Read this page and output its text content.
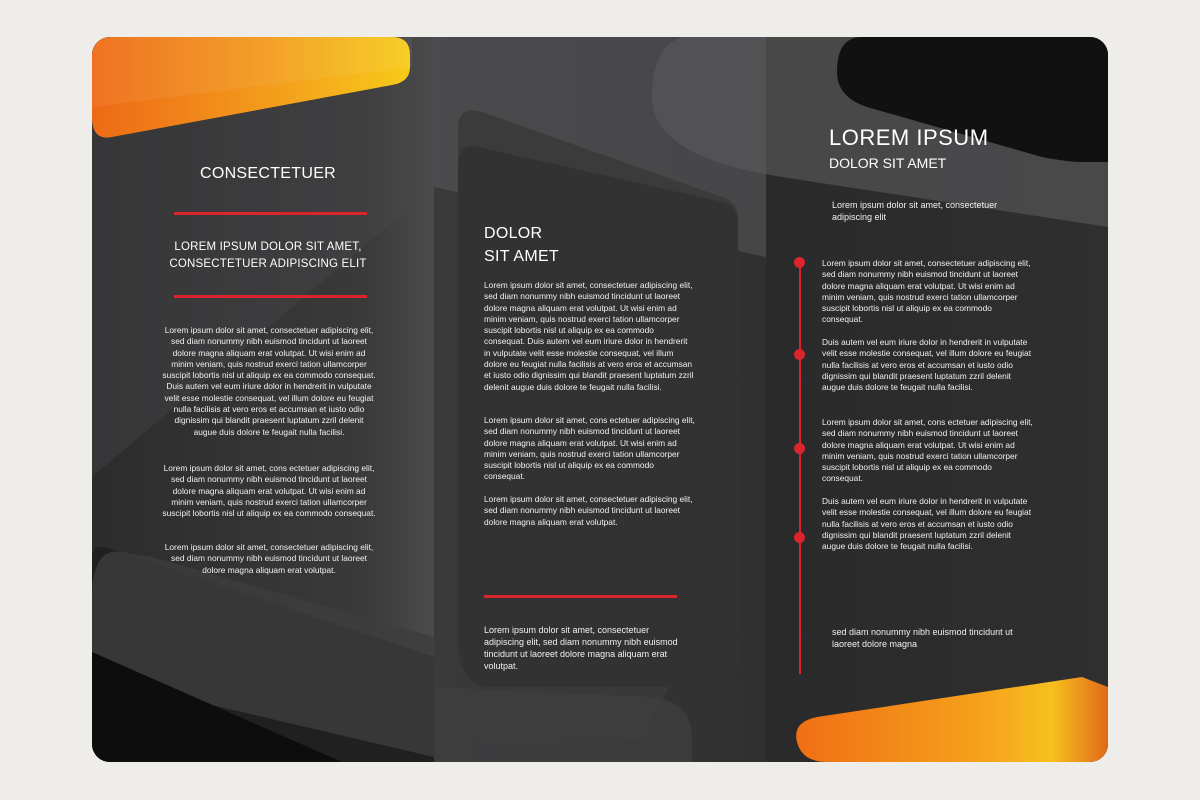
CONSECTETUER

LOREM IPSUM DOLOR SIT AMET,

CONSECTETUER ADIPISCING ELIT

Lorem ipsum dolor sit amet, consectetuer adipiscing elit, sed diam nonummy nibh euismod tincidunt ut laoreet dolore magna aliquam erat volutpat. Ut wisi enim ad minim veniam, quis nostrud exerci tation ullamcorper suscipit lobortis nisl ut aliquip ex ea commodo consequat. Duis autem vel eum iriure dolor in hendrerit in vulputate velit esse molestie consequat, vel illum dolore eu feugiat nulla facilisis at vero eros et accumsan et iusto odio dignissim qui blandit praesent luptatum zzril delenit augue duis dolore te feugait nulla facilisi.

Lorem ipsum dolor sit amet, cons ectetuer adipiscing elit, sed diam nonummy nibh euismod tincidunt ut laoreet dolore magna aliquam erat volutpat. Ut wisi enim ad minim veniam, quis nostrud exerci tation ullamcorper suscipit lobortis nisl ut aliquip ex ea commodo consequat.

Lorem ipsum dolor sit amet, consectetuer adipiscing elit, sed diam nonummy nibh euismod tincidunt ut laoreet dolore magna aliquam erat volutpat.

DOLOR

SIT AMET

Lorem ipsum dolor sit amet, consectetuer adipiscing elit, sed diam nonummy nibh euismod tincidunt ut laoreet dolore magna aliquam erat volutpat. Ut wisi enim ad minim veniam, quis nostrud exerci tation ullamcorper suscipit lobortis nisl ut aliquip ex ea commodo consequat. Duis autem vel eum iriure dolor in hendrerit in vulputate velit esse molestie consequat, vel illum dolore eu feugiat nulla facilisis at vero eros et accumsan et iusto odio dignissim qui blandit praesent luptatum zzril delenit augue duis dolore te feugait nulla facilisi.

Lorem ipsum dolor sit amet, cons ectetuer adipiscing elit, sed diam nonummy nibh euismod tincidunt ut laoreet dolore magna aliquam erat volutpat. Ut wisi enim ad minim veniam, quis nostrud exerci tation ullamcorper suscipit lobortis nisl ut aliquip ex ea commodo consequat.

Lorem ipsum dolor sit amet, consectetuer adipiscing elit, sed diam nonummy nibh euismod tincidunt ut laoreet dolore magna aliquam erat volutpat.

Lorem ipsum dolor sit amet, consectetuer adipiscing elit, sed diam nonummy nibh euismod tincidunt ut laoreet dolore magna aliquam erat volutpat.

LOREM IPSUM

DOLOR SIT AMET

Lorem ipsum dolor sit amet, consectetuer adipiscing elit

Lorem ipsum dolor sit amet, consectetuer adipiscing elit, sed diam nonummy nibh euismod tincidunt ut laoreet dolore magna aliquam erat volutpat. Ut wisi enim ad minim veniam, quis nostrud exerci tation ullamcorper suscipit lobortis nisl ut aliquip ex ea commodo consequat.

Duis autem vel eum iriure dolor in hendrerit in vulputate velit esse molestie consequat, vel illum dolore eu feugiat nulla facilisis at vero eros et accumsan et iusto odio dignissim qui blandit praesent luptatum zzril delenit augue duis dolore te feugait nulla facilisi.

Lorem ipsum dolor sit amet, cons ectetuer adipiscing elit, sed diam nonummy nibh euismod tincidunt ut laoreet dolore magna aliquam erat volutpat. Ut wisi enim ad minim veniam, quis nostrud exerci tation ullamcorper suscipit lobortis nisl ut aliquip ex ea commodo consequat.

Duis autem vel eum iriure dolor in hendrerit in vulputate velit esse molestie consequat, vel illum dolore eu feugiat nulla facilisis at vero eros et accumsan et iusto odio dignissim qui blandit praesent luptatum zzril delenit augue duis dolore te feugait nulla facilisi.

sed diam nonummy nibh euismod tincidunt ut laoreet dolore magna
